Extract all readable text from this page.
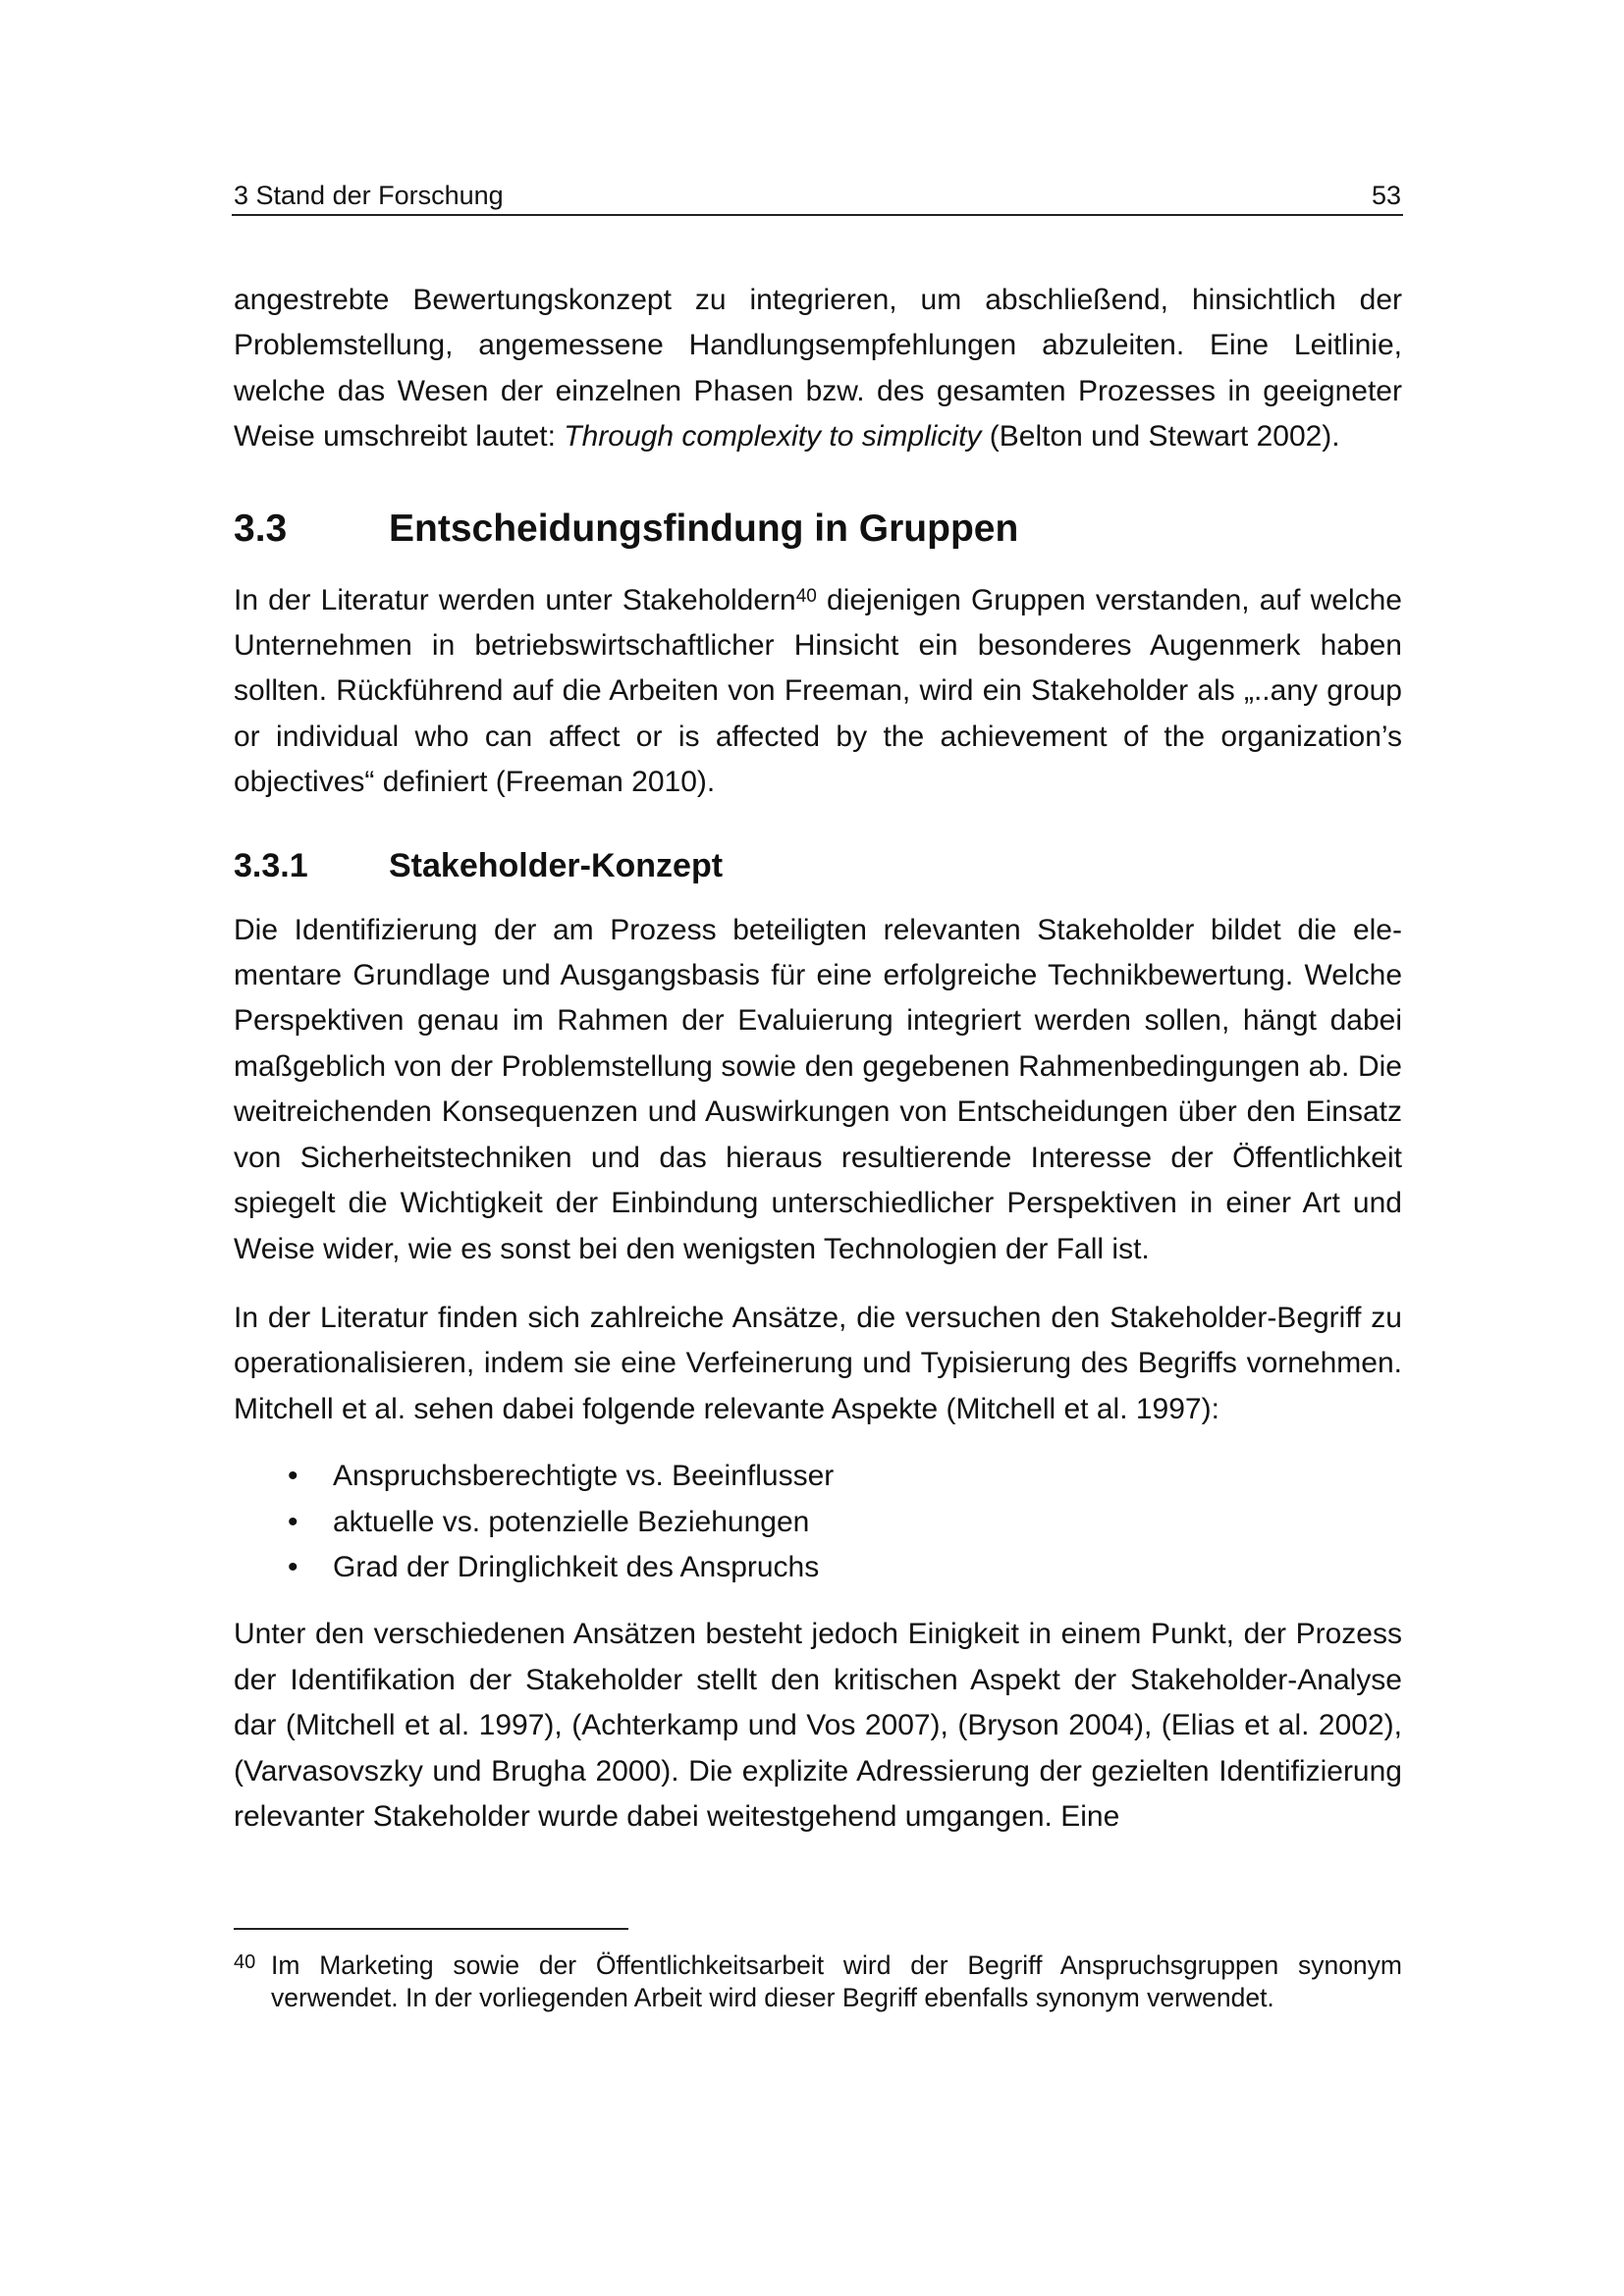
3 Stand der Forschung	53

angestrebte Bewertungskonzept zu integrieren, um abschließend, hinsichtlich der Problemstellung, angemessene Handlungsempfehlungen abzuleiten. Eine Leitlinie, welche das Wesen der einzelnen Phasen bzw. des gesamten Prozesses in geeigneter Weise umschreibt lautet: Through complexity to simplicity (Belton und Stewart 2002).

3.3	Entscheidungsfindung in Gruppen

In der Literatur werden unter Stakeholdern$^{40}$ diejenigen Gruppen verstanden, auf welche Unternehmen in betriebswirtschaftlicher Hinsicht ein besonderes Augenmerk haben sollten. Rückführend auf die Arbeiten von Freeman, wird ein Stakeholder als „..any group or individual who can affect or is affected by the achievement of the organization’s objectives“ definiert (Freeman 2010).

3.3.1 Stakeholder-Konzept

Die Identifizierung der am Prozess beteiligten relevanten Stakeholder bildet die elementare Grundlage und Ausgangsbasis für eine erfolgreiche Technikbewertung. Welche Perspektiven genau im Rahmen der Evaluierung integriert werden sollen, hängt dabei maßgeblich von der Problemstellung sowie den gegebenen Rahmenbedingungen ab. Die weitreichenden Konsequenzen und Auswirkungen von Entscheidungen über den Einsatz von Sicherheitstechniken und das hieraus resultierende Interesse der Öffentlichkeit spiegelt die Wichtigkeit der Einbindung unterschiedlicher Perspektiven in einer Art und Weise wider, wie es sonst bei den wenigsten Technologien der Fall ist.

In der Literatur finden sich zahlreiche Ansätze, die versuchen den Stakeholder-Begriff zu operationalisieren, indem sie eine Verfeinerung und Typisierung des Begriffs vornehmen. Mitchell et al. sehen dabei folgende relevante Aspekte (Mitchell et al. 1997):

• Anspruchsberechtigte vs. Beeinflusser
• aktuelle vs. potenzielle Beziehungen
• Grad der Dringlichkeit des Anspruchs

Unter den verschiedenen Ansätzen besteht jedoch Einigkeit in einem Punkt, der Prozess der Identifikation der Stakeholder stellt den kritischen Aspekt der Stakeholder-Analyse dar (Mitchell et al. 1997), (Achterkamp und Vos 2007), (Bryson 2004), (Elias et al. 2002), (Varvasovszky und Brugha 2000). Die explizite Adressierung der gezielten Identifizierung relevanter Stakeholder wurde dabei weitestgehend umgangen. Eine

40 Im Marketing sowie der Öffentlichkeitsarbeit wird der Begriff Anspruchsgruppen synonym verwendet. In der vorliegenden Arbeit wird dieser Begriff ebenfalls synonym verwendet.
